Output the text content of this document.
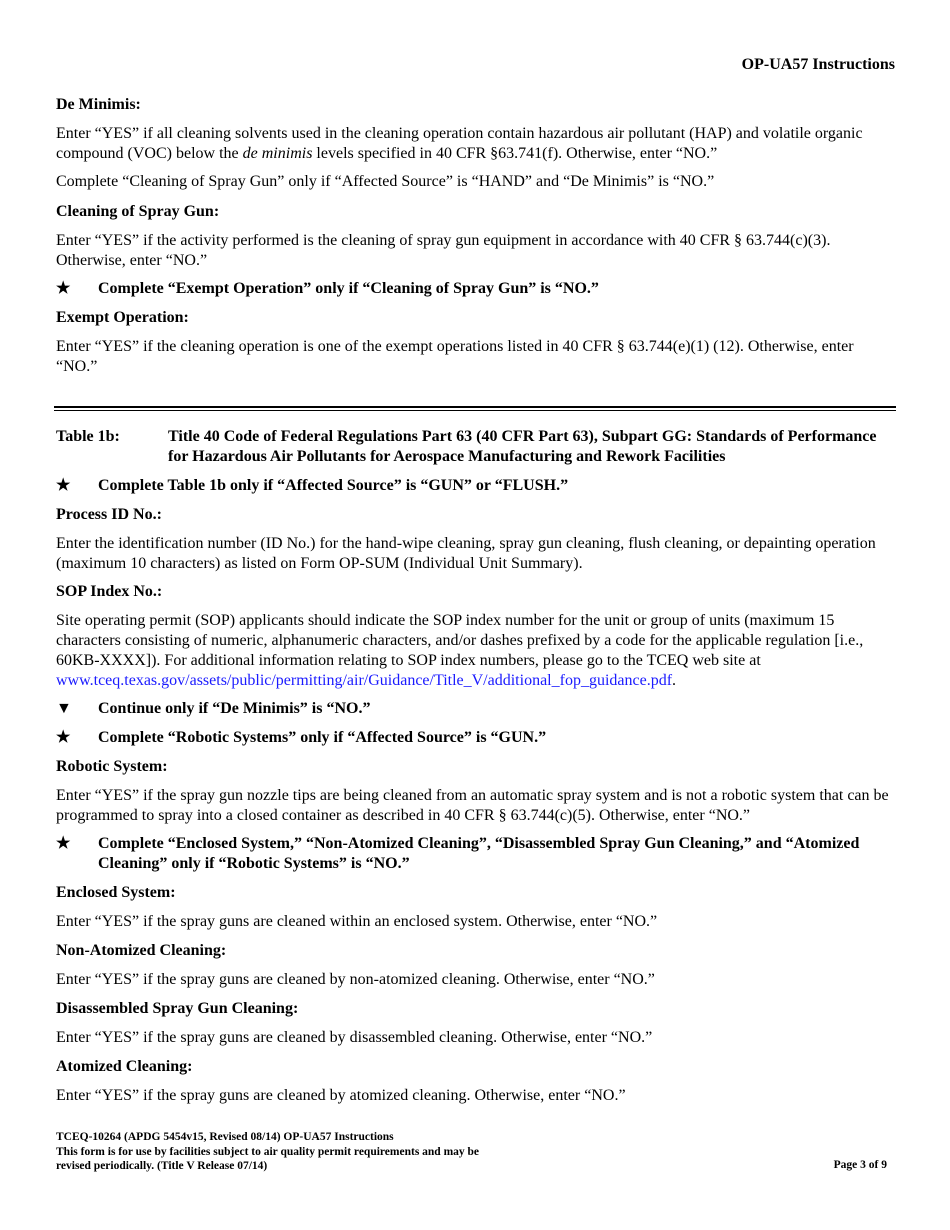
OP-UA57 Instructions
De Minimis:
Enter “YES” if all cleaning solvents used in the cleaning operation contain hazardous air pollutant (HAP) and volatile organic compound (VOC) below the de minimis levels specified in 40 CFR §63.741(f). Otherwise, enter “NO.”
Complete “Cleaning of Spray Gun” only if “Affected Source” is “HAND” and “De Minimis” is “NO.”
Cleaning of Spray Gun:
Enter “YES” if the activity performed is the cleaning of spray gun equipment in accordance with 40 CFR § 63.744(c)(3). Otherwise, enter “NO.”
★	Complete “Exempt Operation” only if “Cleaning of Spray Gun” is “NO.”
Exempt Operation:
Enter “YES” if the cleaning operation is one of the exempt operations listed in 40 CFR § 63.744(e)(1) (12). Otherwise, enter “NO.”
Table 1b:	Title 40 Code of Federal Regulations Part 63 (40 CFR Part 63), Subpart GG: Standards of Performance for Hazardous Air Pollutants for Aerospace Manufacturing and Rework Facilities
★	Complete Table 1b only if “Affected Source” is “GUN” or “FLUSH.”
Process ID No.:
Enter the identification number (ID No.) for the hand-wipe cleaning, spray gun cleaning, flush cleaning, or depainting operation (maximum 10 characters) as listed on Form OP-SUM (Individual Unit Summary).
SOP Index No.:
Site operating permit (SOP) applicants should indicate the SOP index number for the unit or group of units (maximum 15 characters consisting of numeric, alphanumeric characters, and/or dashes prefixed by a code for the applicable regulation [i.e., 60KB-XXXX]). For additional information relating to SOP index numbers, please go to the TCEQ web site at www.tceq.texas.gov/assets/public/permitting/air/Guidance/Title_V/additional_fop_guidance.pdf.
▼ Continue only if “De Minimis” is “NO.”
★	Complete “Robotic Systems” only if “Affected Source” is “GUN.”
Robotic System:
Enter “YES” if the spray gun nozzle tips are being cleaned from an automatic spray system and is not a robotic system that can be programmed to spray into a closed container as described in 40 CFR § 63.744(c)(5). Otherwise, enter “NO.”
★	Complete “Enclosed System,” “Non-Atomized Cleaning”, “Disassembled Spray Gun Cleaning,” and “Atomized Cleaning” only if “Robotic Systems” is “NO.”
Enclosed System:
Enter “YES” if the spray guns are cleaned within an enclosed system. Otherwise, enter “NO.”
Non-Atomized Cleaning:
Enter “YES” if the spray guns are cleaned by non-atomized cleaning. Otherwise, enter “NO.”
Disassembled Spray Gun Cleaning:
Enter “YES” if the spray guns are cleaned by disassembled cleaning. Otherwise, enter “NO.”
Atomized Cleaning:
Enter “YES” if the spray guns are cleaned by atomized cleaning. Otherwise, enter “NO.”
TCEQ-10264 (APDG 5454v15, Revised 08/14) OP-UA57 Instructions
This form is for use by facilities subject to air quality permit requirements and may be
revised periodically. (Title V Release 07/14)	Page 3 of 9
